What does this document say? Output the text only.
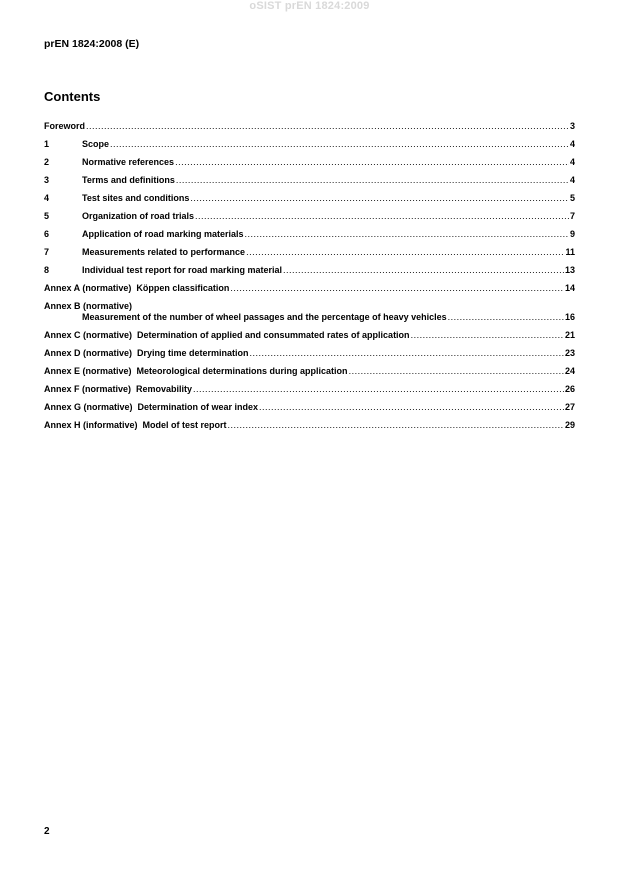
oSIST prEN 1824:2009
prEN 1824:2008 (E)
Contents
Foreword .....	3
1	Scope .....	4
2	Normative references .....	4
3	Terms and definitions .....	4
4	Test sites and conditions .....	5
5	Organization of road trials .....	7
6	Application of road marking materials .....	9
7	Measurements related to performance .....	11
8	Individual test report for road marking material .....	13
Annex A (normative) Köppen classification .....	14
Annex B (normative)
Measurement of the number of wheel passages and the percentage of heavy vehicles .....	16
Annex C (normative) Determination of applied and consummated rates of application .....	21
Annex D (normative) Drying time determination .....	23
Annex E (normative) Meteorological determinations during application .....	24
Annex F (normative) Removability .....	26
Annex G (normative) Determination of wear index .....	27
Annex H (informative) Model of test report .....	29
2
